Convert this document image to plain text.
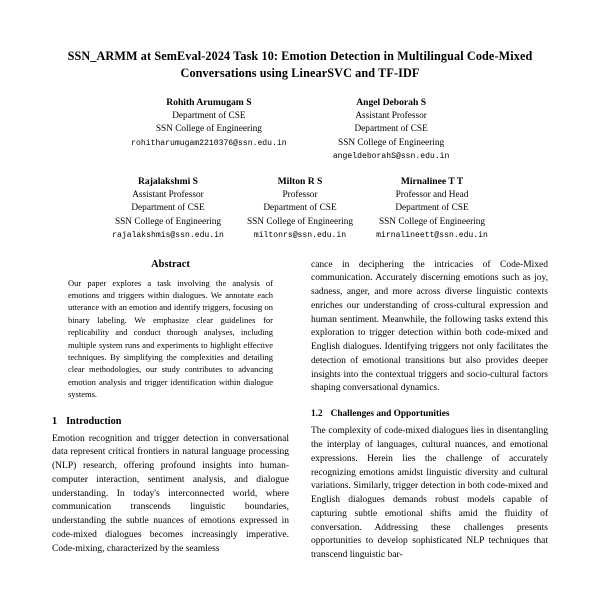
SSN_ARMM at SemEval-2024 Task 10: Emotion Detection in Multilingual Code-Mixed Conversations using LinearSVC and TF-IDF
Rohith Arumugam S
Department of CSE
SSN College of Engineering
rohitharumugam2210376@ssn.edu.in
Angel Deborah S
Assistant Professor
Department of CSE
SSN College of Engineering
angeldeborahS@ssn.edu.in
Rajalakshmi S
Assistant Professor
Department of CSE
SSN College of Engineering
rajalakshmis@ssn.edu.in
Milton R S
Professor
Department of CSE
SSN College of Engineering
miltonrs@ssn.edu.in
Mirnalinee T T
Professor and Head
Department of CSE
SSN College of Engineering
mirnalineett@ssn.edu.in
Abstract
Our paper explores a task involving the analysis of emotions and triggers within dialogues. We annotate each utterance with an emotion and identify triggers, focusing on binary labeling. We emphasize clear guidelines for replicability and conduct thorough analyses, including multiple system runs and experiments to highlight effective techniques. By simplifying the complexities and detailing clear methodologies, our study contributes to advancing emotion analysis and trigger identification within dialogue systems.
1 Introduction

Emotion recognition and trigger detection in conversational data represent critical frontiers in natural language processing (NLP) research, offering profound insights into human-computer interaction, sentiment analysis, and dialogue understanding. In today's interconnected world, where communication transcends linguistic boundaries, understanding the subtle nuances of emotions expressed in code-mixed dialogues becomes increasingly imperative. Code-mixing, characterized by the seamless

cance in deciphering the intricacies of Code-Mixed communication. Accurately discerning emotions such as joy, sadness, anger, and more across diverse linguistic contexts enriches our understanding of cross-cultural expression and human sentiment. Meanwhile, the following tasks extend this exploration to trigger detection within both code-mixed and English dialogues. Identifying triggers not only facilitates the detection of emotional transitions but also provides deeper insights into the contextual triggers and socio-cultural factors shaping conversational dynamics.

1.2 Challenges and Opportunities

The complexity of code-mixed dialogues lies in disentangling the interplay of languages, cultural nuances, and emotional expressions. Herein lies the challenge of accurately recognizing emotions amidst linguistic diversity and cultural variations. Similarly, trigger detection in both code-mixed and English dialogues demands robust models capable of capturing subtle emotional shifts amid the fluidity of conversation. Addressing these challenges presents opportunities to develop sophisticated NLP techniques that transcend linguistic bar-
